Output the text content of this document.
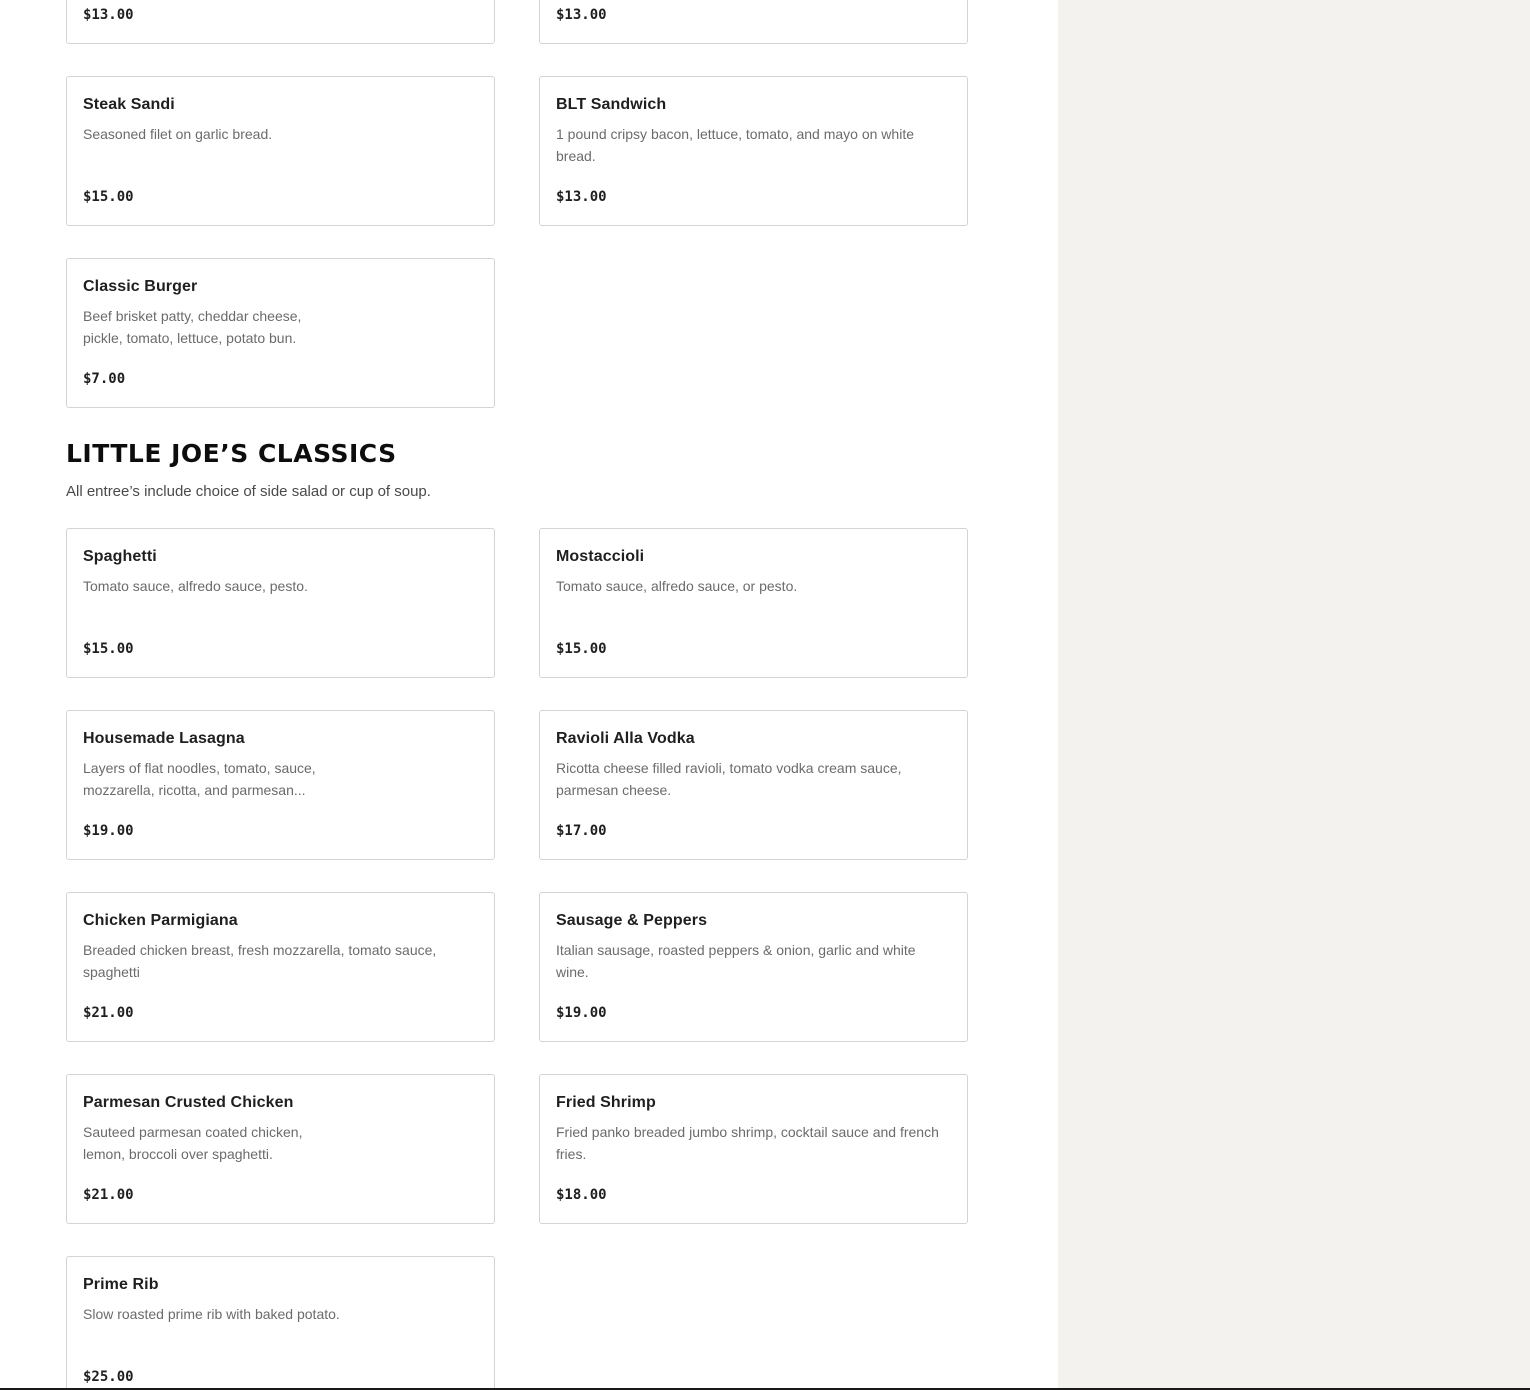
$13.00	$13.00
Steak Sandi
Seasoned filet on garlic bread.
$15.00
BLT Sandwich
1 pound cripsy bacon, lettuce, tomato, and mayo on white bread.
$13.00
Classic Burger
Beef brisket patty, cheddar cheese, pickle, tomato, lettuce, potato bun.
$7.00
LITTLE JOE’S CLASSICS
All entree’s include choice of side salad or cup of soup.
Spaghetti
Tomato sauce, alfredo sauce, pesto.
$15.00
Mostaccioli
Tomato sauce, alfredo sauce, or pesto.
$15.00
Housemade Lasagna
Layers of flat noodles, tomato, sauce, mozzarella, ricotta, and parmesan...
$19.00
Ravioli Alla Vodka
Ricotta cheese filled ravioli, tomato vodka cream sauce, parmesan cheese.
$17.00
Chicken Parmigiana
Breaded chicken breast, fresh mozzarella, tomato sauce, spaghetti
$21.00
Sausage & Peppers
Italian sausage, roasted peppers & onion, garlic and white wine.
$19.00
Parmesan Crusted Chicken
Sauteed parmesan coated chicken, lemon, broccoli over spaghetti.
$21.00
Fried Shrimp
Fried panko breaded jumbo shrimp, cocktail sauce and french fries.
$18.00
Prime Rib
Slow roasted prime rib with baked potato.
$25.00
